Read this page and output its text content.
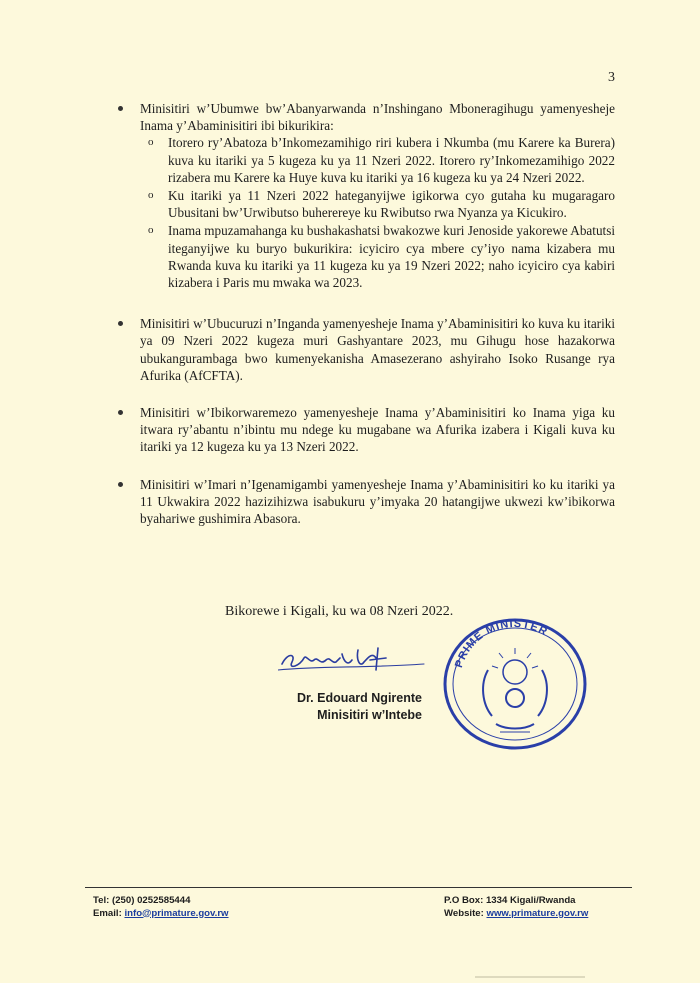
3
Minisitiri w’Ubumwe bw’Abanyarwanda n’Inshingano Mboneragihugu yamenyesheje Inama y’Abaminisitiri ibi bikurikira:
o Itorero ry’Abatoza b’Inkomezamihigo riri kubera i Nkumba (mu Karere ka Burera) kuva ku itariki ya 5 kugeza ku ya 11 Nzeri 2022. Itorero ry’Inkomezamihigo 2022 rizabera mu Karere ka Huye kuva ku itariki ya 16 kugeza ku ya 24 Nzeri 2022.
o Ku itariki ya 11 Nzeri 2022 hateganyijwe igikorwa cyo gutaha ku mugaragaro Ubusitani bw’Urwibutso buherereye ku Rwibutso rwa Nyanza ya Kicukiro.
o Inama mpuzamahanga ku bushakashatsi bwakozwe kuri Jenoside yakorewe Abatutsi iteganyijwe ku buryo bukurikira: icyiciro cya mbere cy’iyo nama kizabera mu Rwanda kuva ku itariki ya 11 kugeza ku ya 19 Nzeri 2022; naho icyiciro cya kabiri kizabera i Paris mu mwaka wa 2023.
Minisitiri w’Ubucuruzi n’Inganda yamenyesheje Inama y’Abaminisitiri ko kuva ku itariki ya 09 Nzeri 2022 kugeza muri Gashyantare 2023, mu Gihugu hose hazakorwa ubukangurambaga bwo kumenyekanisha Amasezerano ashyiraho Isoko Rusange rya Afurika (AfCFTA).
Minisitiri w’Ibikorwaremezo yamenyesheje Inama y’Abaminisitiri ko Inama yiga ku itwara ry’abantu n’ibintu mu ndege ku mugabane wa Afurika izabera i Kigali kuva ku itariki ya 12 kugeza ku ya 13 Nzeri 2022.
Minisitiri w’Imari n’Igenamigambi yamenyesheje Inama y’Abaminisitiri ko ku itariki ya 11 Ukwakira 2022 hazizihizwa isabukuru y’imyaka 20 hatangijwe ukwezi kw’ibikorwa byahariwe gushimira Abasora.
Bikorewe i Kigali, ku wa 08 Nzeri 2022.
Dr. Edouard Ngirente
Minisitiri w’Intebe
PRIME MINISTER
Tel: (250) 0252585444
Email: info@primature.gov.rw
P.O Box: 1334 Kigali/Rwanda
Website: www.primature.gov.rw
